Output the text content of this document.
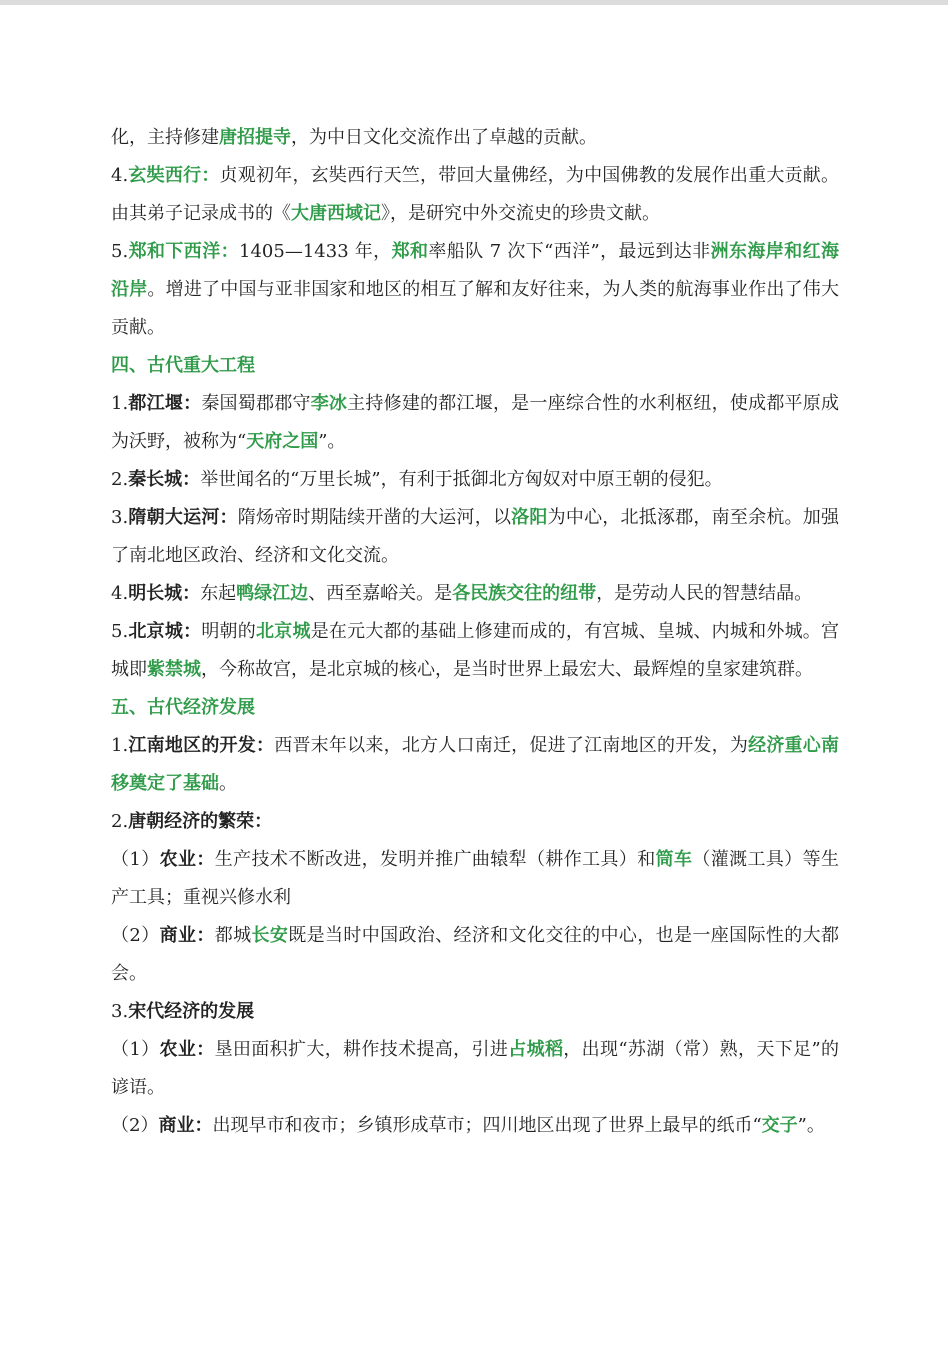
化，主持修建唐招提寺，为中日文化交流作出了卓越的贡献。

4.玄奘西行：贞观初年，玄奘西行天竺，带回大量佛经，为中国佛教的发展作出重大贡献。由其弟子记录成书的《大唐西域记》，是研究中外交流史的珍贵文献。

5.郑和下西洋：1405—1433 年，郑和率船队 7 次下“西洋”，最远到达非洲东海岸和红海沿岸。增进了中国与亚非国家和地区的相互了解和友好往来，为人类的航海事业作出了伟大贡献。

四、古代重大工程

1.都江堰：秦国蜀郡郡守李冰主持修建的都江堰，是一座综合性的水利枢纽，使成都平原成为沃野，被称为“天府之国”。

2.秦长城：举世闻名的“万里长城”，有利于抵御北方匈奴对中原王朝的侵犯。

3.隋朝大运河：隋炀帝时期陆续开凿的大运河，以洛阳为中心，北抵涿郡，南至余杭。加强了南北地区政治、经济和文化交流。

4.明长城：东起鸭绿江边、西至嘉峪关。是各民族交往的纽带，是劳动人民的智慧结晶。

5.北京城：明朝的北京城是在元大都的基础上修建而成的，有宫城、皇城、内城和外城。宫城即紫禁城，今称故宫，是北京城的核心，是当时世界上最宏大、最辉煌的皇家建筑群。

五、古代经济发展

1.江南地区的开发：西晋末年以来，北方人口南迁，促进了江南地区的开发，为经济重心南移奠定了基础。

2.唐朝经济的繁荣：

（1）农业：生产技术不断改进，发明并推广曲辕犁（耕作工具）和筒车（灌溉工具）等生产工具；重视兴修水利

（2）商业：都城长安既是当时中国政治、经济和文化交往的中心，也是一座国际性的大都会。

3.宋代经济的发展

（1）农业：垦田面积扩大，耕作技术提高，引进占城稻，出现“苏湖（常）熟，天下足”的谚语。

（2）商业：出现早市和夜市；乡镇形成草市；四川地区出现了世界上最早的纸币“交子”。
